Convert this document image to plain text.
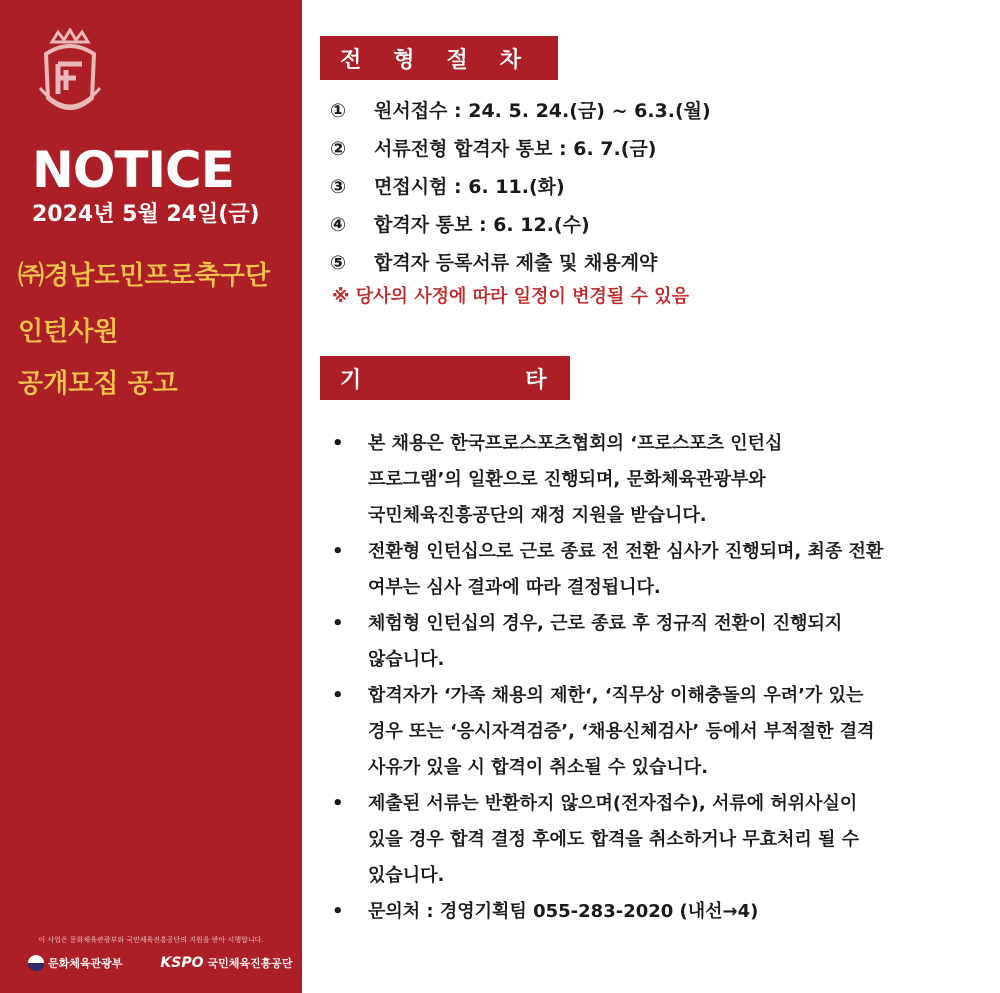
NOTICE
2024년 5월 24일(금)
㈜경남도민프로축구단
인턴사원
공개모집 공고
이 사업은 문화체육관광부와 국민체육진흥공단의 지원을 받아 시행합니다.
문화체육관광부	KSPO 국민체육진흥공단
전 형 절 차
①	원서접수 : 24. 5. 24.(금) ~ 6.3.(월)
②	서류전형 합격자 통보 : 6. 7.(금)
③	면접시험 : 6. 11.(화)
④	합격자 통보 : 6. 12.(수)
⑤	합격자 등록서류 제출 및 채용계약
※ 당사의 사정에 따라 일정이 변경될 수 있음
기	타
•	본 채용은 한국프로스포츠협회의 ‘프로스포츠 인턴십
프로그램’의 일환으로 진행되며, 문화체육관광부와
국민체육진흥공단의 재정 지원을 받습니다.
•	전환형 인턴십으로 근로 종료 전 전환 심사가 진행되며, 최종 전환
여부는 심사 결과에 따라 결정됩니다.
•	체험형 인턴십의 경우, 근로 종료 후 정규직 전환이 진행되지
않습니다.
•	합격자가 ‘가족 채용의 제한‘, ‘직무상 이해충돌의 우려’가 있는
경우 또는 ‘응시자격검증’, ‘채용신체검사’ 등에서 부적절한 결격
사유가 있을 시 합격이 취소될 수 있습니다.
•	제출된 서류는 반환하지 않으며(전자접수), 서류에 허위사실이
있을 경우 합격 결정 후에도 합격을 취소하거나 무효처리 될 수
있습니다.
•	문의처 : 경영기획팀 055-283-2020 (내선→4)
